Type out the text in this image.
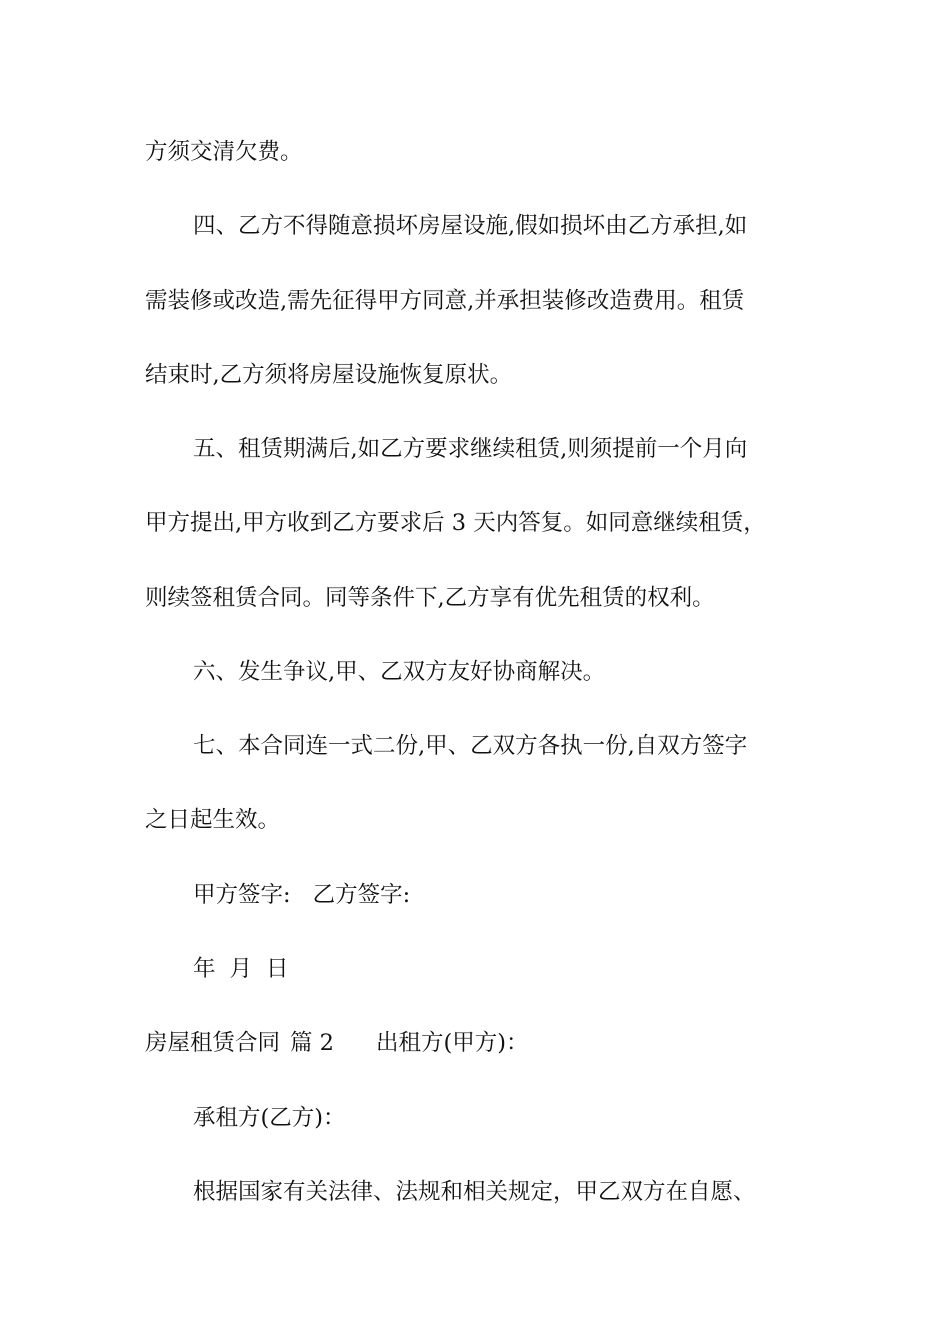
方须交清欠费。
四、乙方不得随意损坏房屋设施,假如损坏由乙方承担,如
需装修或改造,需先征得甲方同意,并承担装修改造费用。租赁
结束时,乙方须将房屋设施恢复原状。
五、租赁期满后,如乙方要求继续租赁,则须提前一个月向
甲方提出,甲方收到乙方要求后 3 天内答复。如同意继续租赁，
则续签租赁合同。同等条件下,乙方享有优先租赁的权利。
六、发生争议,甲、乙双方友好协商解决。
七、本合同连一式二份,甲、乙双方各执一份,自双方签字
之日起生效。
甲方签字: 乙方签字:
年 月 日
房屋租赁合同 篇 2 出租方(甲方)：
承租方(乙方)：
根据国家有关法律、法规和相关规定，甲乙双方在自愿、
